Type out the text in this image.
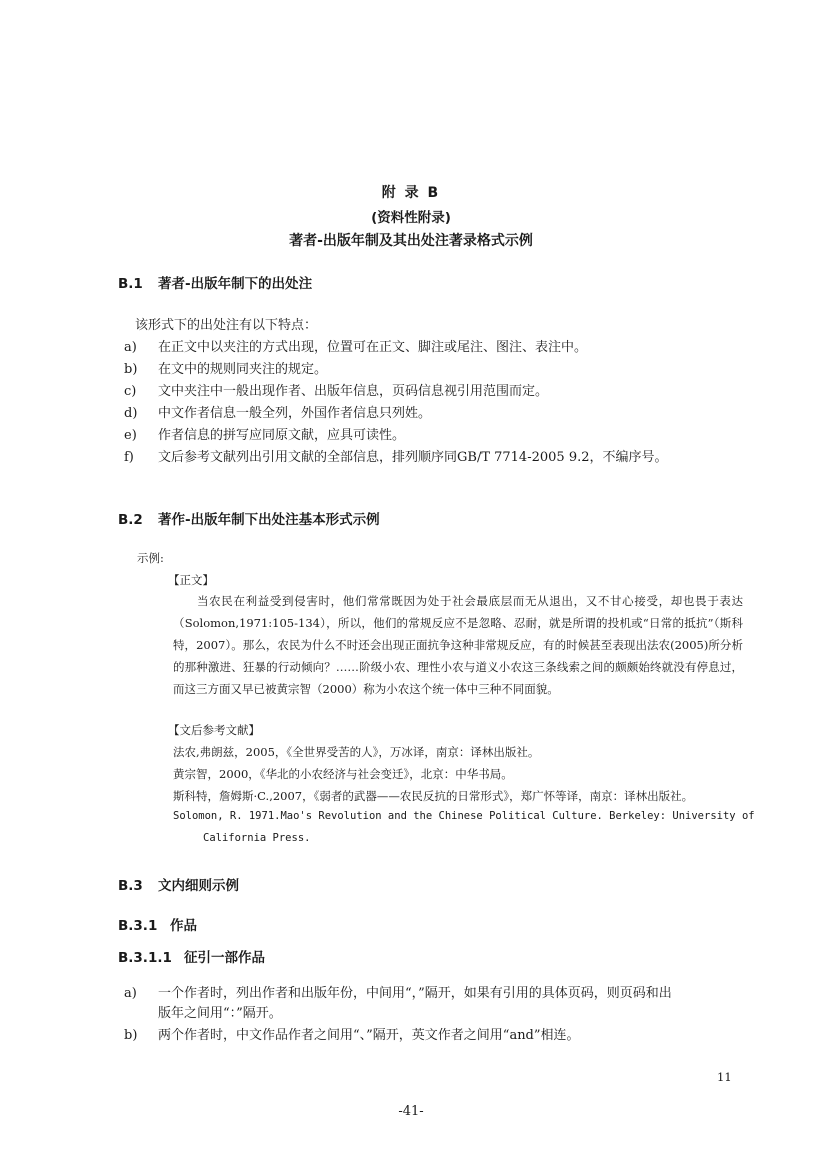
附 录 B
(资料性附录)
著者-出版年制及其出处注著录格式示例
B.1 著者-出版年制下的出处注
该形式下的出处注有以下特点：
a) 在正文中以夹注的方式出现，位置可在正文、脚注或尾注、图注、表注中。
b) 在文中的规则同夹注的规定。
c) 文中夹注中一般出现作者、出版年信息，页码信息视引用范围而定。
d) 中文作者信息一般全列，外国作者信息只列姓。
e) 作者信息的拼写应同原文献，应具可读性。
f) 文后参考文献列出引用文献的全部信息，排列顺序同GB/T 7714-2005 9.2，不编序号。
B.2 著作-出版年制下出处注基本形式示例
示例:
【正文】
当农民在利益受到侵害时，他们常常既因为处于社会最底层而无从退出，又不甘心接受，却也畏于表达（Solomon,1971:105-134），所以，他们的常规反应不是忽略、忍耐，就是所谓的投机或“日常的抵抗”（斯科特，2007）。那么，农民为什么不时还会出现正面抗争这种非常规反应，有的时候甚至表现出法农(2005)所分析的那种激进、狂暴的行动倾向？……阶级小农、理性小农与道义小农这三条线索之间的颇颇始终就没有停息过，而这三方面又早已被黄宗智（2000）称为小农这个统一体中三种不同面貌。
【文后参考文献】
法农,弗朗兹，2005，《全世界受苦的人》，万冰译，南京：译林出版社。
黄宗智，2000，《华北的小农经济与社会变迁》，北京：中华书局。
斯科特，詹姆斯·C.,2007，《弱者的武器——农民反抗的日常形式》，郑广怀等译，南京：译林出版社。
Solomon, R. 1971.Mao's Revolution and the Chinese Political Culture. Berkeley: University of
California Press.
B.3 文内细则示例
B.3.1 作品
B.3.1.1 征引一部作品
a) 一个作者时，列出作者和出版年份，中间用“，”隔开，如果有引用的具体页码，则页码和出
版年之间用“：”隔开。
b) 两个作者时，中文作品作者之间用“、”隔开，英文作者之间用“and”相连。
11
-41-
